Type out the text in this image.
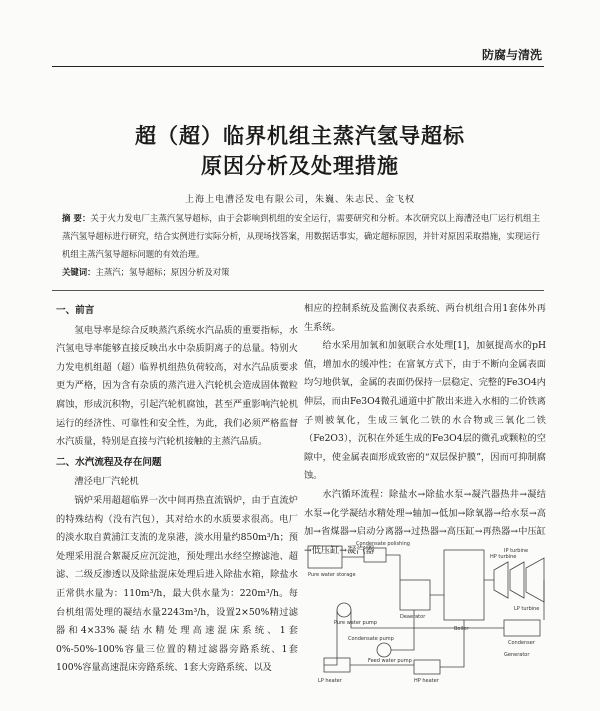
防腐与清洗
超（超）临界机组主蒸汽氢导超标
原因分析及处理措施
上海上电漕泾发电有限公司，朱巍、朱志民、金飞权
摘 要：关于火力发电厂主蒸汽氢导超标，由于会影响到机组的安全运行，需要研究和分析。本次研究以上海漕泾电厂运行机组主蒸汽氢导超标进行研究，结合实例进行实际分析，从现场找答案，用数据话事实，确定超标原因，并针对原因采取措施，实现运行机组主蒸汽氢导超标问题的有效治理。
关键词：主蒸汽；氢导超标；原因分析及对策
一、前言

氢电导率是综合反映蒸汽系统水汽品质的重要指标，水汽氢电导率能够直接反映出水中杂质阴离子的总量。特别火力发电机组超（超）临界机组热负荷较高，对水汽品质要求更为严格，因为含有杂质的蒸汽进入汽轮机会造成固体微粒腐蚀，形成沉积物，引起汽轮机腐蚀，甚至严重影响汽轮机运行的经济性、可靠性和安全性，为此，我们必须严格监督水汽质量，特别是直接与汽轮机接触的主蒸汽品质。

二、水汽流程及存在问题
漕泾电厂汽轮机

锅炉采用超超临界一次中间再热直流锅炉，由于直流炉的特殊结构（没有汽包），其对给水的水质要求很高。电厂的淡水取自黄浦江支流的龙泉港，淡水用量约850m³/h；预处理采用混合絮凝反应沉淀池，预处理出水经空擦滤池、超滤、二级反渗透以及除盐混床处理后进入除盐水箱，除盐水正常供水量为：110m³/h，最大供水量为：220m³/h。每台机组需处理的凝结水量2243m³/h，设置2×50%精过滤器和4×33%凝结水精处理高速混床系统、1套0%-50%-100%容量三位置的精过滤器旁路系统、1套100%容量高速混床旁路系统、1套大旁路系统、以及

相应的控制系统及监测仪表系统、两台机组合用1套体外再生系统。

给水采用加氧和加氨联合水处理[1]，加氨提高水的pH值，增加水的缓冲性；在富氧方式下，由于不断向金属表面均匀地供氧，金属的表面仍保持一层稳定、完整的Fe3O4内伸层，而由Fe3O4微孔通道中扩散出来进入水相的二价铁离子则被氧化，生成三氧化二铁的水合物或三氧化二铁（Fe2O3），沉积在外延生成的Fe3O4层的微孔或颗粒的空隙中，使金属表面形成致密的“双层保护膜”，因而可抑制腐蚀。

水汽循环流程：除盐水→除盐水泵→凝汽器热井→凝结水泵→化学凝结水精处理→轴加→低加→除氧器→给水泵→高加→省煤器→启动分离器→过热器→高压缸→再热器→中压缸→低压缸→凝汽器

Pure water storage
Pure water pump
Condensate pump
Condensate polishing
Deaerator
Feed water pump
HP heater
LP heater
Boiler
HP turbine
IP turbine
LP turbine
Condenser
Generator
